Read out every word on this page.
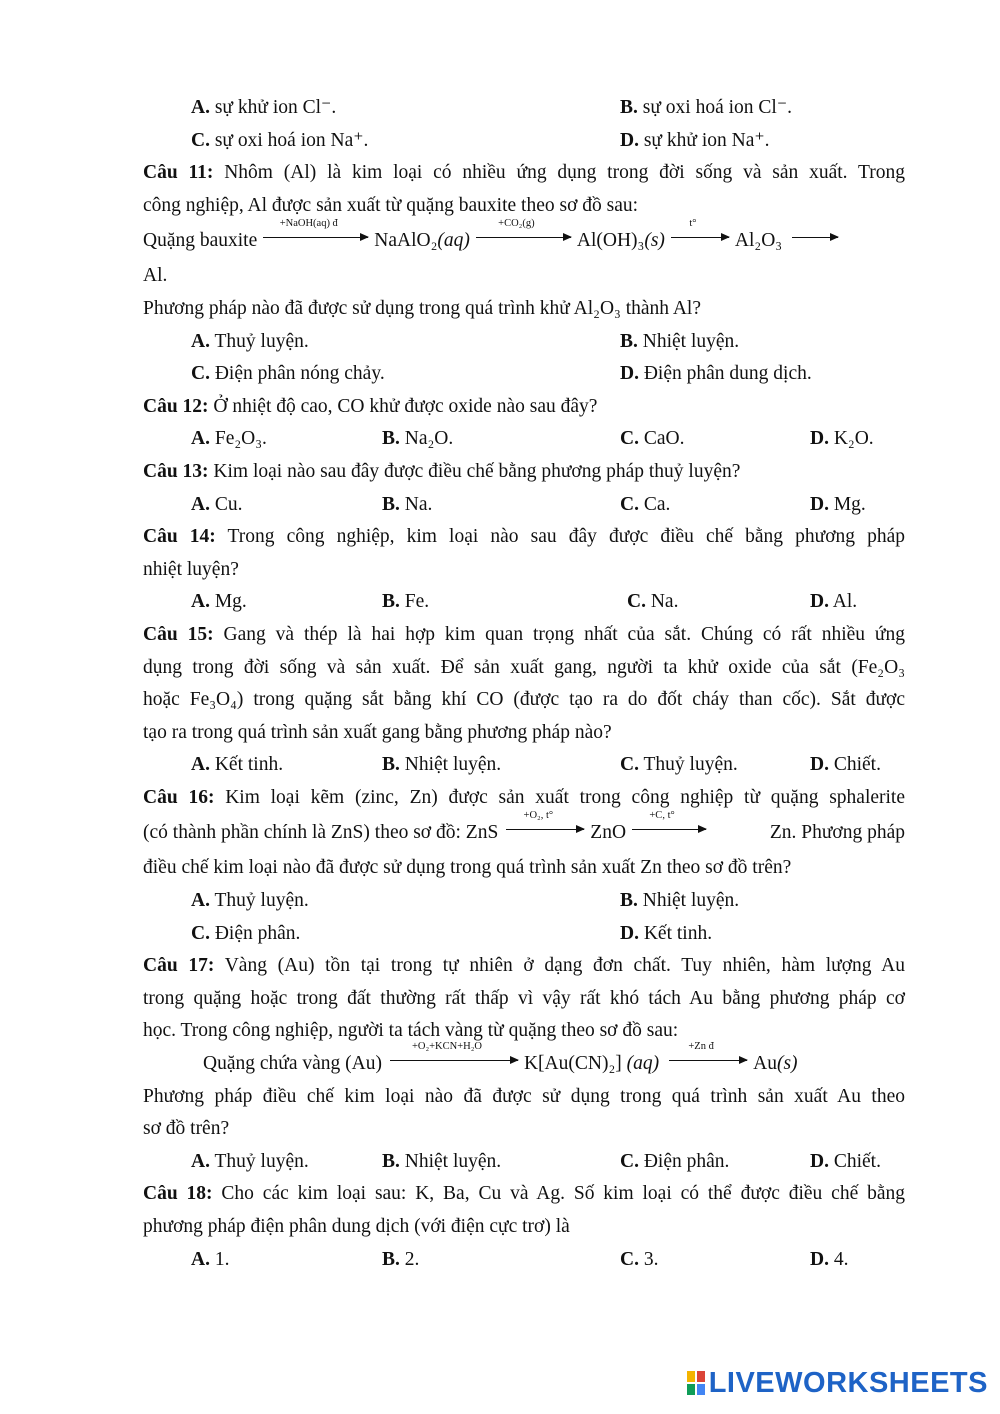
A. sự khử ion Cl⁻.	B. sự oxi hoá ion Cl⁻.
C. sự oxi hoá ion Na⁺.	D. sự khử ion Na⁺.
Câu 11: Nhôm (Al) là kim loại có nhiều ứng dụng trong đời sống và sản xuất. Trong
công nghiệp, Al được sản xuất từ quặng bauxite theo sơ đồ sau:
Quặng bauxite
+NaOH(aq) đ
NaAlO₂(aq)
+CO₂(g)
Al(OH)₃(s)
t°
Al₂O₃ →
Al.
Phương pháp nào đã được sử dụng trong quá trình khử Al₂O₃ thành Al?
A. Thuỷ luyện.	B. Nhiệt luyện.
C. Điện phân nóng chảy.	D. Điện phân dung dịch.
Câu 12: Ở nhiệt độ cao, CO khử được oxide nào sau đây?
A. Fe₂O₃.	B. Na₂O.	C. CaO.	D. K₂O.
Câu 13: Kim loại nào sau đây được điều chế bằng phương pháp thuỷ luyện?
A. Cu.	B. Na.	C. Ca.	D. Mg.
Câu 14: Trong công nghiệp, kim loại nào sau đây được điều chế bằng phương pháp
nhiệt luyện?
A. Mg.	B. Fe.	C. Na.	D. Al.
Câu 15: Gang và thép là hai hợp kim quan trọng nhất của sắt. Chúng có rất nhiều ứng
dụng trong đời sống và sản xuất. Để sản xuất gang, người ta khử oxide của sắt (Fe₂O₃
hoặc Fe₃O₄) trong quặng sắt bằng khí CO (được tạo ra do đốt cháy than cốc). Sắt được
tạo ra trong quá trình sản xuất gang bằng phương pháp nào?
A. Kết tinh.	B. Nhiệt luyện.	C. Thuỷ luyện.	D. Chiết.
Câu 16: Kim loại kẽm (zinc, Zn) được sản xuất trong công nghiệp từ quặng sphalerite
(có thành phần chính là ZnS) theo sơ đồ: ZnS
+O₂, t°
ZnO
+C, t°
Zn. Phương pháp
điều chế kim loại nào đã được sử dụng trong quá trình sản xuất Zn theo sơ đồ trên?
A. Thuỷ luyện.	B. Nhiệt luyện.
C. Điện phân.	D. Kết tinh.
Câu 17: Vàng (Au) tồn tại trong tự nhiên ở dạng đơn chất. Tuy nhiên, hàm lượng Au
trong quặng hoặc trong đất thường rất thấp vì vậy rất khó tách Au bằng phương pháp cơ
học. Trong công nghiệp, người ta tách vàng từ quặng theo sơ đồ sau:
Quặng chứa vàng (Au)
+O₂+KCN+H₂O
K[Au(CN)₂] (aq)
+Zn đ
Au(s)
Phương pháp điều chế kim loại nào đã được sử dụng trong quá trình sản xuất Au theo
sơ đồ trên?
A. Thuỷ luyện.	B. Nhiệt luyện.	C. Điện phân.	D. Chiết.
Câu 18: Cho các kim loại sau: K, Ba, Cu và Ag. Số kim loại có thể được điều chế bằng
phương pháp điện phân dung dịch (với điện cực trơ) là
A. 1.	B. 2.	C. 3.	D. 4.
LIVEWORKSHEETS
